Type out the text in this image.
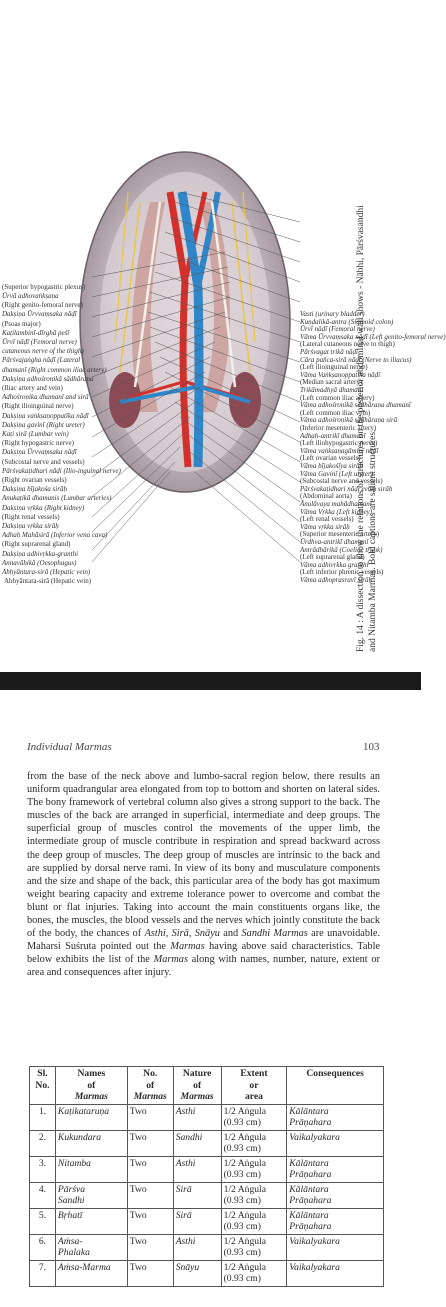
Abhyāntara-sirā (Hepatic vein)
Abhyāntara-sirā (Hepatic vein)
Annavāhikā (Oesophagus)
Dakṣiṇa adhivṛkka-granthi
(Right suprarenal gland)
Adhaḥ Mahāsirā (Inferior vena cava)
Dakṣiṇa vṛkka sirāḥ
(Right renal vessels)
Dakṣiṇa vṛkka (Right kidney)
Anukaṭikā dhamanis (Lumbar arteries)
Dakṣiṇa bījakośa sirāḥ
(Right ovarian vessels)
Pārśvakaṭidhari nāḍi (Ilio-inguinal nerve)
(Subcostal nerve and vessels)
Dakṣiṇa Ūrvvaṃsaka nāḍī
(Right hypogastric nerve)
Kaṭi sirā (Lumbar vein)
Dakṣiṇa gavinī (Right ureter)
Dakṣiṇa vaṅkṣaṇoppatīka nāḍī
(Right ilioinguinal nerve)
Adhośroṇika dhamanī and sirā
(Iliac artery and vein)
Dakṣiṇa adhośroṇikā sādhāraṇa
dhamanī (Right common iliac artery)
Pārśvajaṅgha nāḍī (Lateral
cutaneous nerve of the thigh)
Ūrvī nāḍī (Femoral nerve)
Kaṭilambinī-dīrghā peśī
(Psoas major)
Dakṣiṇa Ūrvvaṃsaka nāḍī
(Right genito-femoral nerve)
Ūrvā adhovaṅkṣaṇa
(Superior hypogastric plexus)
Vāma adhoprasravī sirāḥ
(Left inferior phrenic vessels)
Vāma adhivṛkka granthi
(Left suprarenal gland)
Antrādhārikā (Coeliac trunk)
Ūrdhva-antrikī dhamanī
(Superior mesenteric artery)
Vāma vṛkka sirāḥ
(Left renal vessels)
Vāma Vṛkka (Left kidney)
Ānulāvaya mahādhamanī
(Abdominal aorta)
Pārśvakaṭidhari nāḍī evaṃ sirāḥ
(Subcostal nerve and vessels)
Vāma Gavinī (Left ureter)
Vāma bījakośīya sirāḥ
(Left ovarian vessels)
Vāma vaṅkṣaṇagāminī nāḍī
(Left iliohypogastric nerve)
Adhaḥ-antrikī dhamanī
(Inferior mesenteric artery)
Vāma adhośroṇikā sādhāraṇa sirā
(Left common iliac vein)
Vāma adhośroṇikā sādhāraṇa dhamanī
(Left common iliac artery)
Trikāmadhyā dhamanī
(Median sacral artery)
Vāma Vaṅkṣaṇoppatīka nāḍī
(Left ilioinguinal nerve)
Cāra pañca-sirā nāḍī (Nerve to iliacus)
Pārśvagat trikā nāḍī
(Lateral cutaneous nerve to thigh)
Vāma Ūrvvaṃsaka nāḍī (Left genito-femoral nerve)
Ūrvī nāḍī (Femoral nerve)
Kuṇḍalikā-antra (Sigmoid colon)
Vasti (urinary bladder)
Fig. 14 : A dissection to show the relations of structures on the posterior abdominal wall shows - Nābhi, Pārśvasandhi and Nitamba Marmas. Bold captions are salient structures.
Individual Marmas	103
from the base of the neck above and lumbo-sacral region below, there results an uniform quadrangular area elongated from top to bottom and shorten on lateral sides. The bony framework of vertebral column also gives a strong support to the back. The muscles of the back are arranged in superficial, intermediate and deep groups. The superficial group of muscles control the movements of the upper limb, the intermediate group of muscle contribute in respiration and spread backward across the deep group of muscles. The deep group of muscles are intrinsic to the back and are supplied by dorsal nerve rami. In view of its bony and musculature components and the size and shape of the back, this particular area of the body has got maximum weight bearing capacity and extreme tolerance power to overcome and combat the blunt or flat injuries. Taking into account the main constituents organs like, the bones, the muscles, the blood vessels and the nerves which jointly constitute the back of the body, the chances of Asthi, Sirā, Snāyu and Sandhi Marmas are unavoidable. Maharsi Suśruta pointed out the Marmas having above said characteristics. Table below exhibits the list of the Marmas along with names, number, nature, extent or area and consequences after injury.
Sl.
No.	Names
of
Marmas	No.
of
Marmas	Nature
of
Marmas	Extent
or
area	Consequences
1.	Kaṭikataruṇa	Two	Asthi	1/2 Aṅgula
(0.93 cm)	Kālāntara
Prāṇahara
2.	Kukundara	Two	Sandhi	1/2 Aṅgula
(0.93 cm)	Vaikalyakara
3.	Nitamba	Two	Asthi	1/2 Aṅgula
(0.93 cm)	Kālāntara
Prāṇahara
4.	Pārśva
Sandhi	Two	Sirā	1/2 Aṅgula
(0.93 cm)	Kālāntara
Prāṇahara
5.	Bṛhatī	Two	Sirā	1/2 Aṅgula
(0.93 cm)	Kālāntara
Prāṇahara
6.	Aṁsa-
Phalaka	Two	Asthi	1/2 Aṅgula
(0.93 cm)	Vaikalyakara
7.	Aṁsa-Marma	Two	Snāyu	1/2 Aṅgula
(0.93 cm)	Vaikalyakara
